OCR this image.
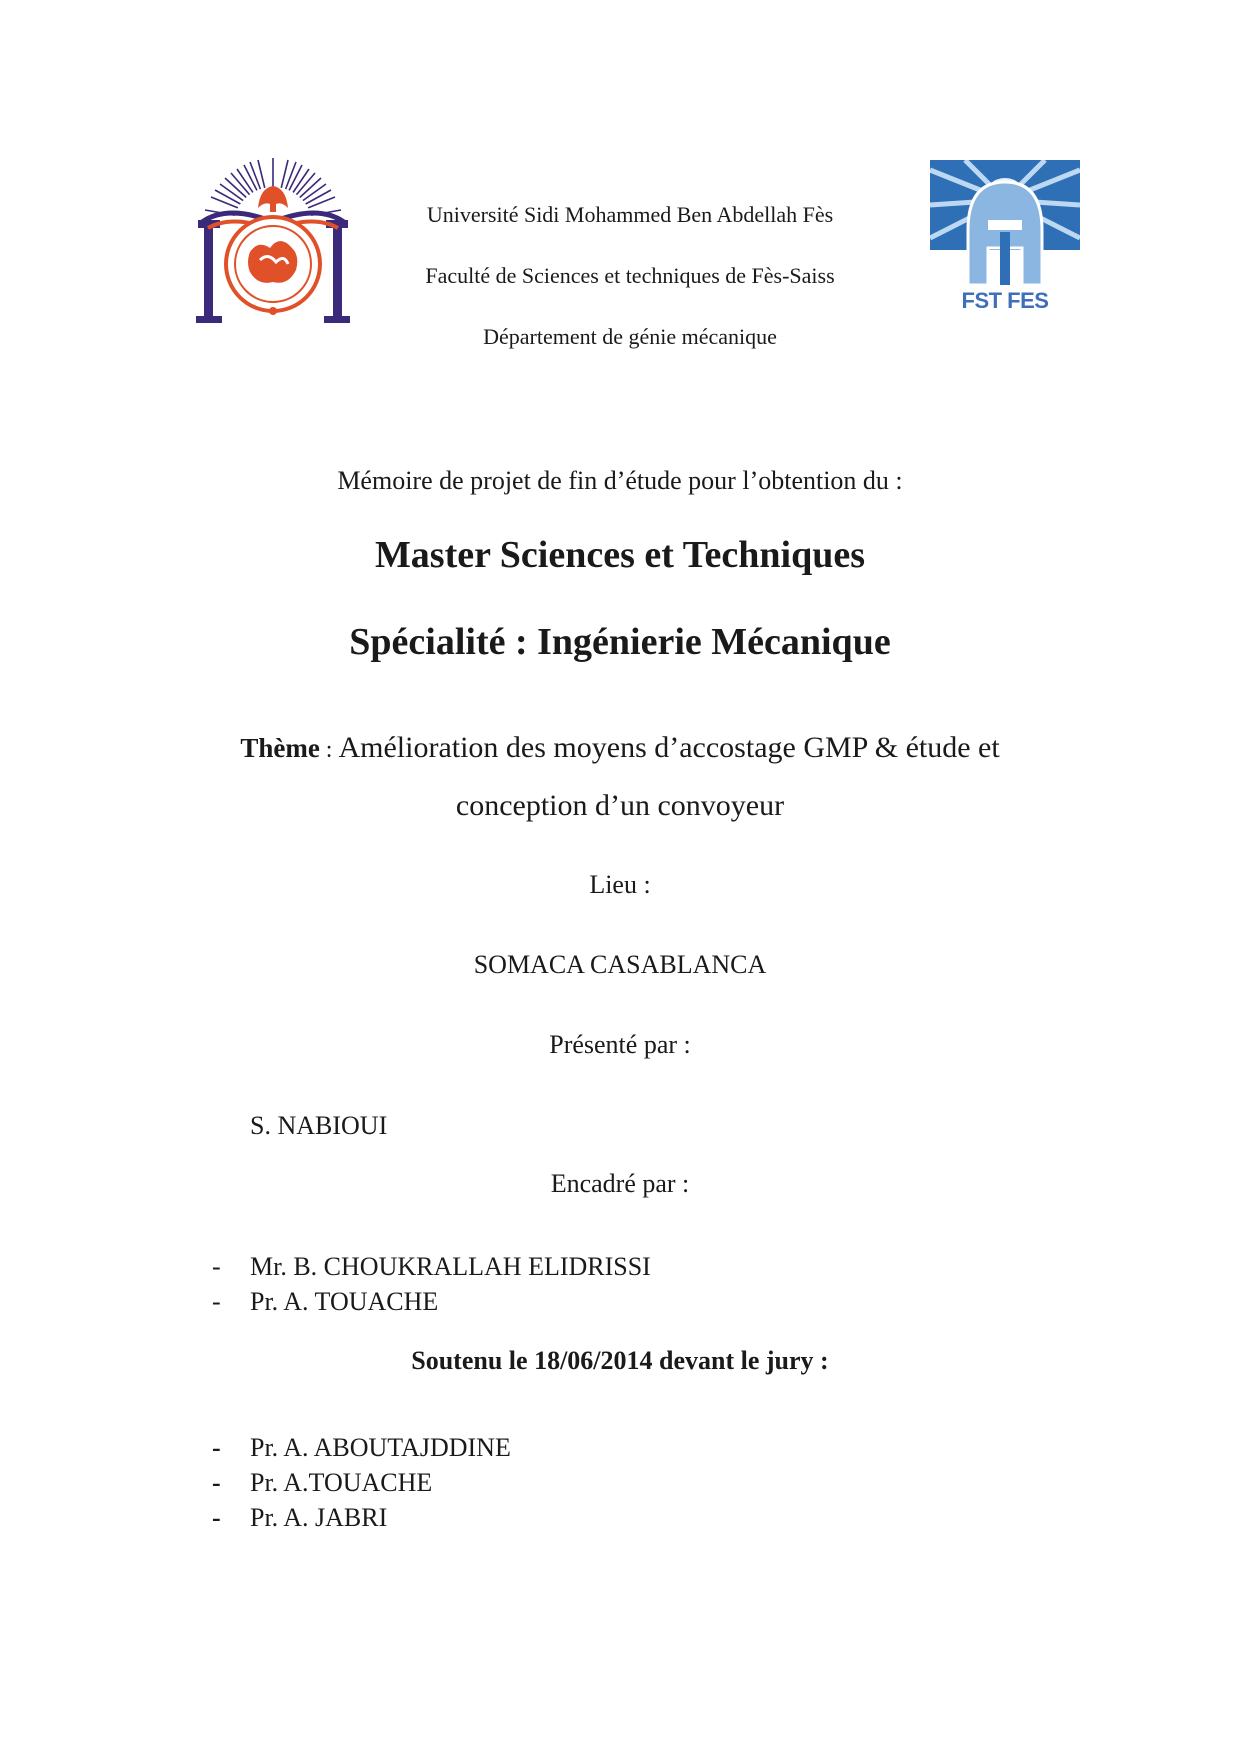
Université Sidi Mohammed Ben Abdellah Fès
Faculté de Sciences et techniques de Fès-Saiss
Département de génie mécanique
FST FES
Mémoire de projet de fin d’étude pour l’obtention du :
Master Sciences et Techniques
Spécialité : Ingénierie Mécanique
Thème : Amélioration des moyens d’accostage GMP & étude et conception d’un convoyeur
Lieu :
SOMACA CASABLANCA
Présenté par :
S. NABIOUI
Encadré par :
- Mr. B. CHOUKRALLAH ELIDRISSI
- Pr. A. TOUACHE
Soutenu le 18/06/2014 devant le jury :
- Pr. A. ABOUTAJDDINE
- Pr. A.TOUACHE
- Pr. A. JABRI
